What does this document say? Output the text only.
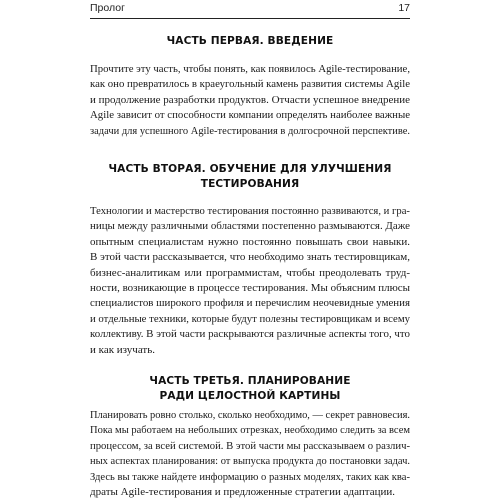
Пролог	17
ЧАСТЬ ПЕРВАЯ. ВВЕДЕНИЕ
Прочтите эту часть, чтобы понять, как появилось Agile-тестирование,
как оно превратилось в краеугольный камень развития системы Agile
и продолжение разработки продуктов. Отчасти успешное внедрение
Agile зависит от способности компании определять наиболее важные
задачи для успешного Agile-тестирования в долгосрочной перспективе.
ЧАСТЬ ВТОРАЯ. ОБУЧЕНИЕ ДЛЯ УЛУЧШЕНИЯ
ТЕСТИРОВАНИЯ
Технологии и мастерство тестирования постоянно развиваются, и гра-
ницы между различными областями постепенно размываются. Даже
опытным специалистам нужно постоянно повышать свои навыки.
В этой части рассказывается, что необходимо знать тестировщикам,
бизнес-аналитикам или программистам, чтобы преодолевать труд-
ности, возникающие в процессе тестирования. Мы объясним плюсы
специалистов широкого профиля и перечислим неочевидные умения
и отдельные техники, которые будут полезны тестировщикам и всему
коллективу. В этой части раскрываются различные аспекты того, что
и как изучать.
ЧАСТЬ ТРЕТЬЯ. ПЛАНИРОВАНИЕ
РАДИ ЦЕЛОСТНОЙ КАРТИНЫ
Планировать ровно столько, сколько необходимо, — секрет равновесия.
Пока мы работаем на небольших отрезках, необходимо следить за всем
процессом, за всей системой. В этой части мы рассказываем о различ-
ных аспектах планирования: от выпуска продукта до постановки задач.
Здесь вы также найдете информацию о разных моделях, таких как ква-
драты Agile-тестирования и предложенные стратегии адаптации.
